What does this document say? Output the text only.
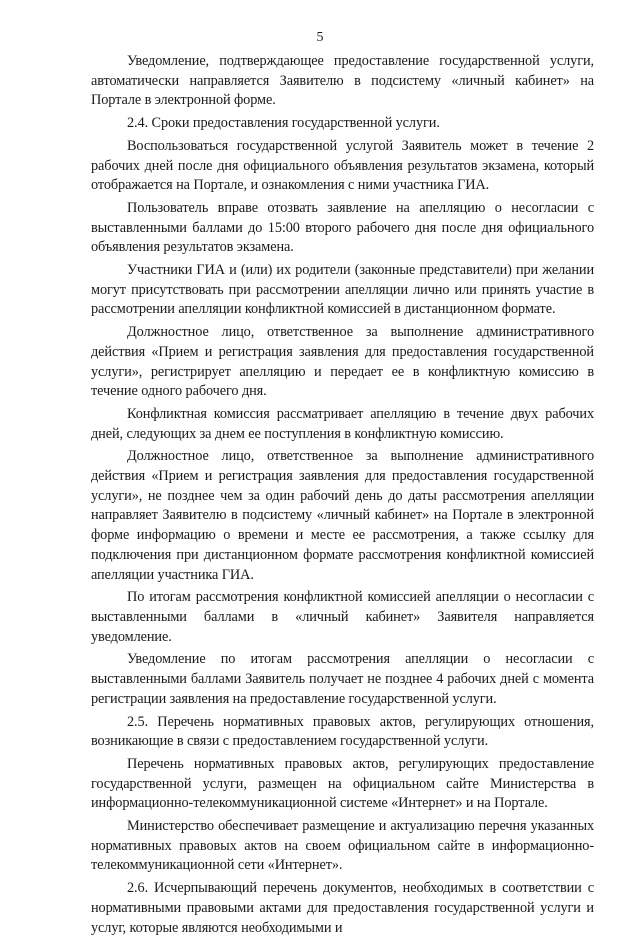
5

Уведомление, подтверждающее предоставление государственной услуги, автоматически направляется Заявителю в подсистему «личный кабинет» на Портале в электронной форме.

2.4. Сроки предоставления государственной услуги.

Воспользоваться государственной услугой Заявитель может в течение 2 рабочих дней после дня официального объявления результатов экзамена, который отображается на Портале, и ознакомления с ними участника ГИА.

Пользователь вправе отозвать заявление на апелляцию о несогласии с выставленными баллами до 15:00 второго рабочего дня после дня официального объявления результатов экзамена.

Участники ГИА и (или) их родители (законные представители) при желании могут присутствовать при рассмотрении апелляции лично или принять участие в рассмотрении апелляции конфликтной комиссией в дистанционном формате.

Должностное лицо, ответственное за выполнение административного действия «Прием и регистрация заявления для предоставления государственной услуги», регистрирует апелляцию и передает ее в конфликтную комиссию в течение одного рабочего дня.

Конфликтная комиссия рассматривает апелляцию в течение двух рабочих дней, следующих за днем ее поступления в конфликтную комиссию.

Должностное лицо, ответственное за выполнение административного действия «Прием и регистрация заявления для предоставления государственной услуги», не позднее чем за один рабочий день до даты рассмотрения апелляции направляет Заявителю в подсистему «личный кабинет» на Портале в электронной форме информацию о времени и месте ее рассмотрения, а также ссылку для подключения при дистанционном формате рассмотрения конфликтной комиссией апелляции участника ГИА.

По итогам рассмотрения конфликтной комиссией апелляции о несогласии с выставленными баллами в «личный кабинет» Заявителя направляется уведомление.

Уведомление по итогам рассмотрения апелляции о несогласии с выставленными баллами Заявитель получает не позднее 4 рабочих дней с момента регистрации заявления на предоставление государственной услуги.

2.5. Перечень нормативных правовых актов, регулирующих отношения, возникающие в связи с предоставлением государственной услуги.

Перечень нормативных правовых актов, регулирующих предоставление государственной услуги, размещен на официальном сайте Министерства в информационно-телекоммуникационной системе «Интернет» и на Портале.

Министерство обеспечивает размещение и актуализацию перечня указанных нормативных правовых актов на своем официальном сайте в информационно-телекоммуникационной сети «Интернет».

2.6. Исчерпывающий перечень документов, необходимых в соответствии с нормативными правовыми актами для предоставления государственной услуги и услуг, которые являются необходимыми и
